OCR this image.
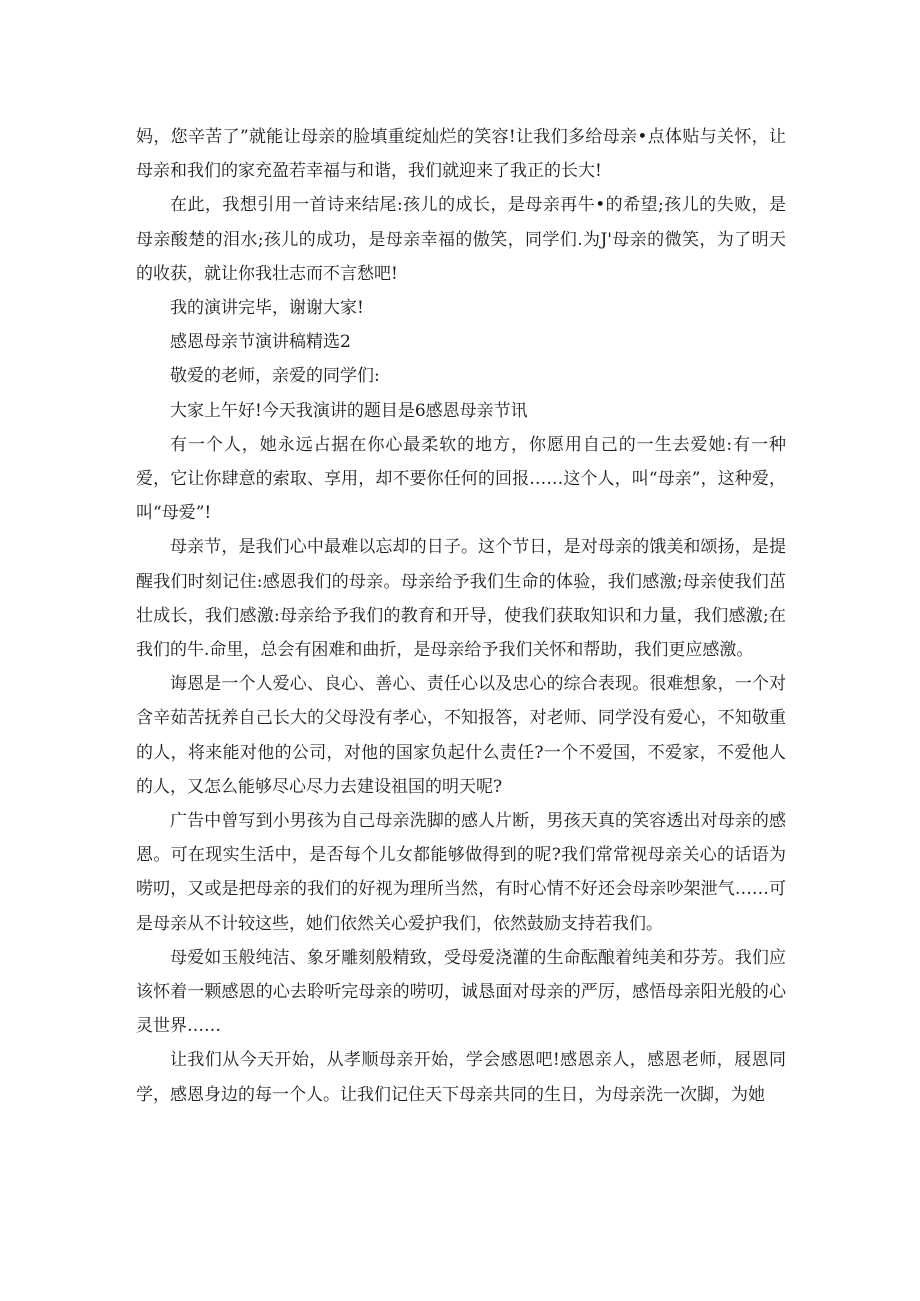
妈，您辛苦了”就能让母亲的脸填重绽灿烂的笑容!让我们多给母亲•点体贴与关怀，让母亲和我们的家充盈若幸福与和谐，我们就迎来了我正的长大!

在此，我想引用一首诗来结尾:孩儿的成长，是母亲再牛•的希望;孩儿的失败，是母亲酸楚的泪水;孩儿的成功，是母亲幸福的傲笑，同学们.为J'母亲的微笑，为了明天的收获，就让你我壮志而不言愁吧!

我的演讲完毕，谢谢大家!

感恩母亲节演讲稿精选2

敬爱的老师，亲爱的同学们:

大家上午好!今天我演讲的题目是6感恩母亲节讯

有一个人，她永远占据在你心最柔软的地方，你愿用自己的一生去爱她:有一种爱，它让你肆意的索取、享用，却不要你任何的回报……这个人，叫“母亲”，这种爱，叫“母爱”!

母亲节，是我们心中最难以忘却的日子。这个节日，是对母亲的饿美和颂扬，是提醒我们时刻记住:感恩我们的母亲。母亲给予我们生命的体验，我们感激;母亲使我们茁壮成长，我们感激:母亲给予我们的教育和开导，使我们获取知识和力量，我们感激;在我们的牛.命里，总会有困难和曲折，是母亲给予我们关怀和帮助，我们更应感激。

诲恩是一个人爱心、良心、善心、责任心以及忠心的综合表现。很难想象，一个对含辛茹苦抚养自己长大的父母没有孝心，不知报答，对老师、同学没有爱心，不知敬重的人，将来能对他的公司，对他的国家负起什么责任?一个不爱国，不爱家，不爱他人的人，又怎么能够尽心尽力去建设祖国的明天呢?

广告中曾写到小男孩为自己母亲洗脚的感人片断，男孩天真的笑容透出对母亲的感恩。可在现实生活中，是否每个儿女都能够做得到的呢?我们常常视母亲关心的话语为唠叨，又或是把母亲的我们的好视为理所当然，有时心情不好还会母亲吵架泄气……可是母亲从不计较这些，她们依然关心爱护我们，依然鼓励支持若我们。

母爱如玉般纯洁、象牙雕刻般精致，受母爱浇灌的生命酝酿着纯美和芬芳。我们应该怀着一颗感恩的心去聆听完母亲的唠叨，诚恳面对母亲的严厉，感悟母亲阳光般的心灵世界……

让我们从今天开始，从孝顺母亲开始，学会感恩吧!感恩亲人，感恩老师，屐恩同学，感恩身边的每一个人。让我们记住天下母亲共同的生日，为母亲洗一次脚，为她
